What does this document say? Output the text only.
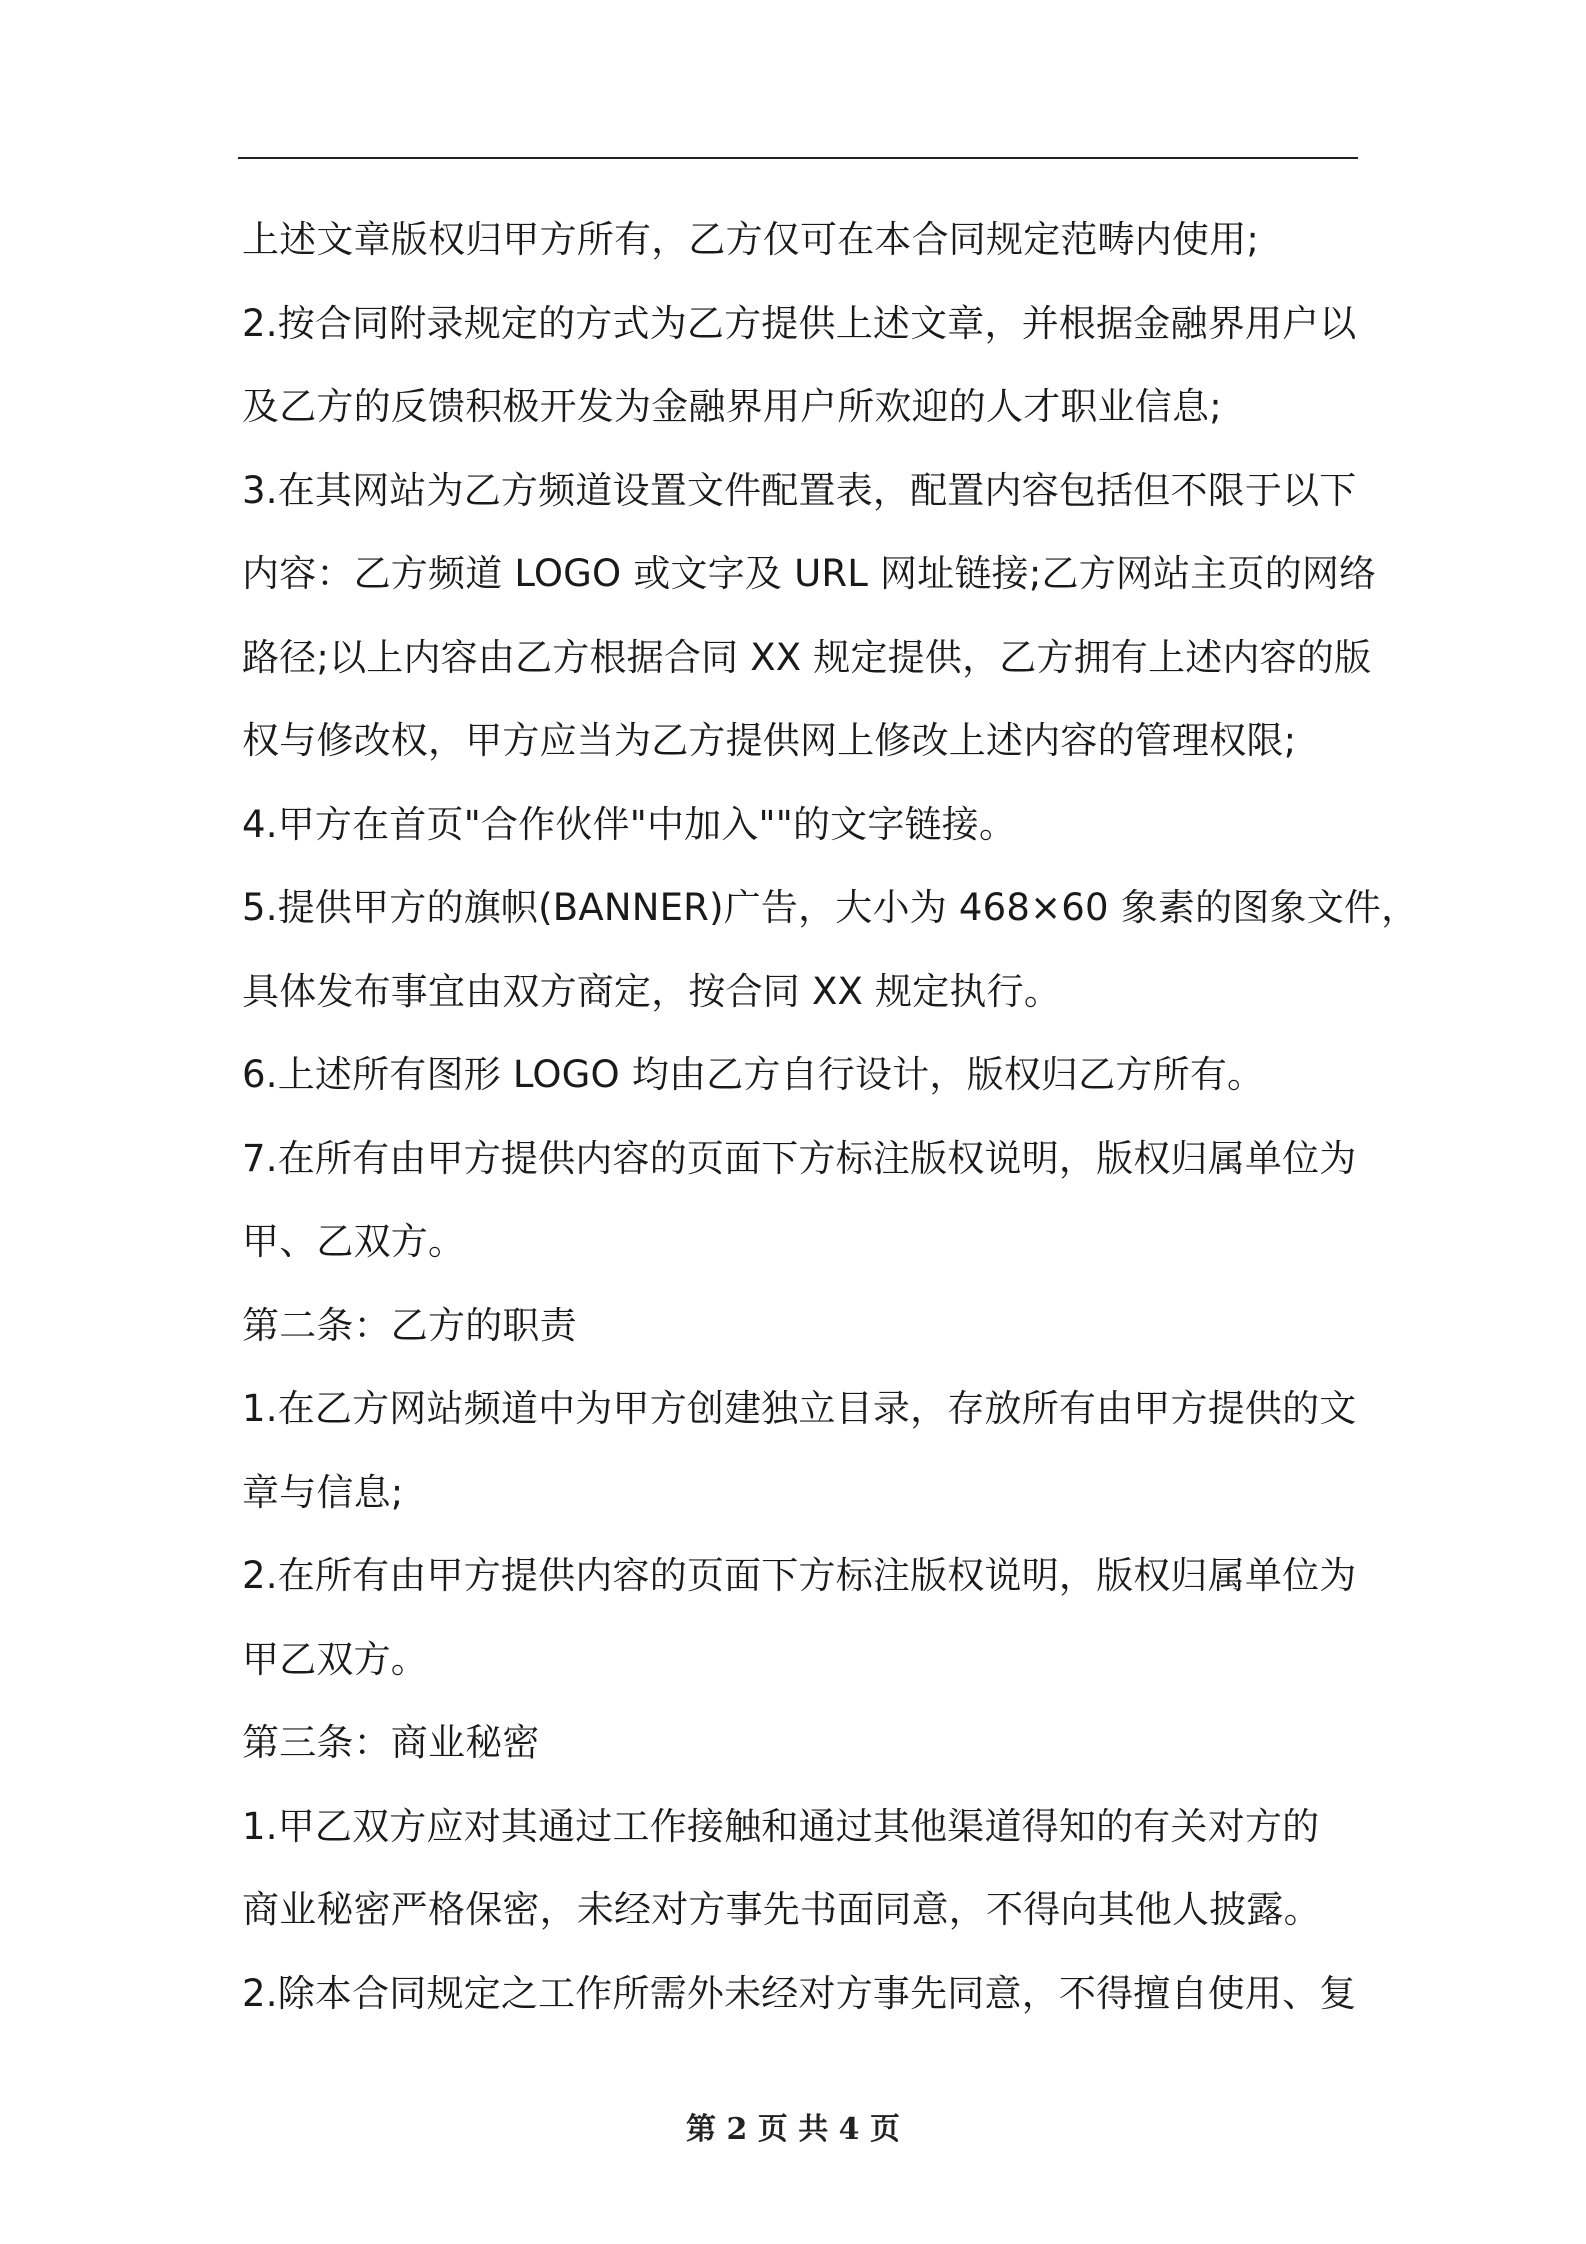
上述文章版权归甲方所有，乙方仅可在本合同规定范畴内使用;
2.按合同附录规定的方式为乙方提供上述文章，并根据金融界用户以
及乙方的反馈积极开发为金融界用户所欢迎的人才职业信息;
3.在其网站为乙方频道设置文件配置表，配置内容包括但不限于以下
内容：乙方频道 LOGO 或文字及 URL 网址链接;乙方网站主页的网络
路径;以上内容由乙方根据合同 XX 规定提供，乙方拥有上述内容的版
权与修改权，甲方应当为乙方提供网上修改上述内容的管理权限;
4.甲方在首页"合作伙伴"中加入""的文字链接。
5.提供甲方的旗帜(BANNER)广告，大小为 468×60 象素的图象文件，
具体发布事宜由双方商定，按合同 XX 规定执行。
6.上述所有图形 LOGO 均由乙方自行设计，版权归乙方所有。
7.在所有由甲方提供内容的页面下方标注版权说明，版权归属单位为
甲、乙双方。
第二条：乙方的职责
1.在乙方网站频道中为甲方创建独立目录，存放所有由甲方提供的文
章与信息;
2.在所有由甲方提供内容的页面下方标注版权说明，版权归属单位为
甲乙双方。
第三条：商业秘密
1.甲乙双方应对其通过工作接触和通过其他渠道得知的有关对方的
商业秘密严格保密，未经对方事先书面同意，不得向其他人披露。
2.除本合同规定之工作所需外未经对方事先同意，不得擅自使用、复
第 2 页 共 4 页
